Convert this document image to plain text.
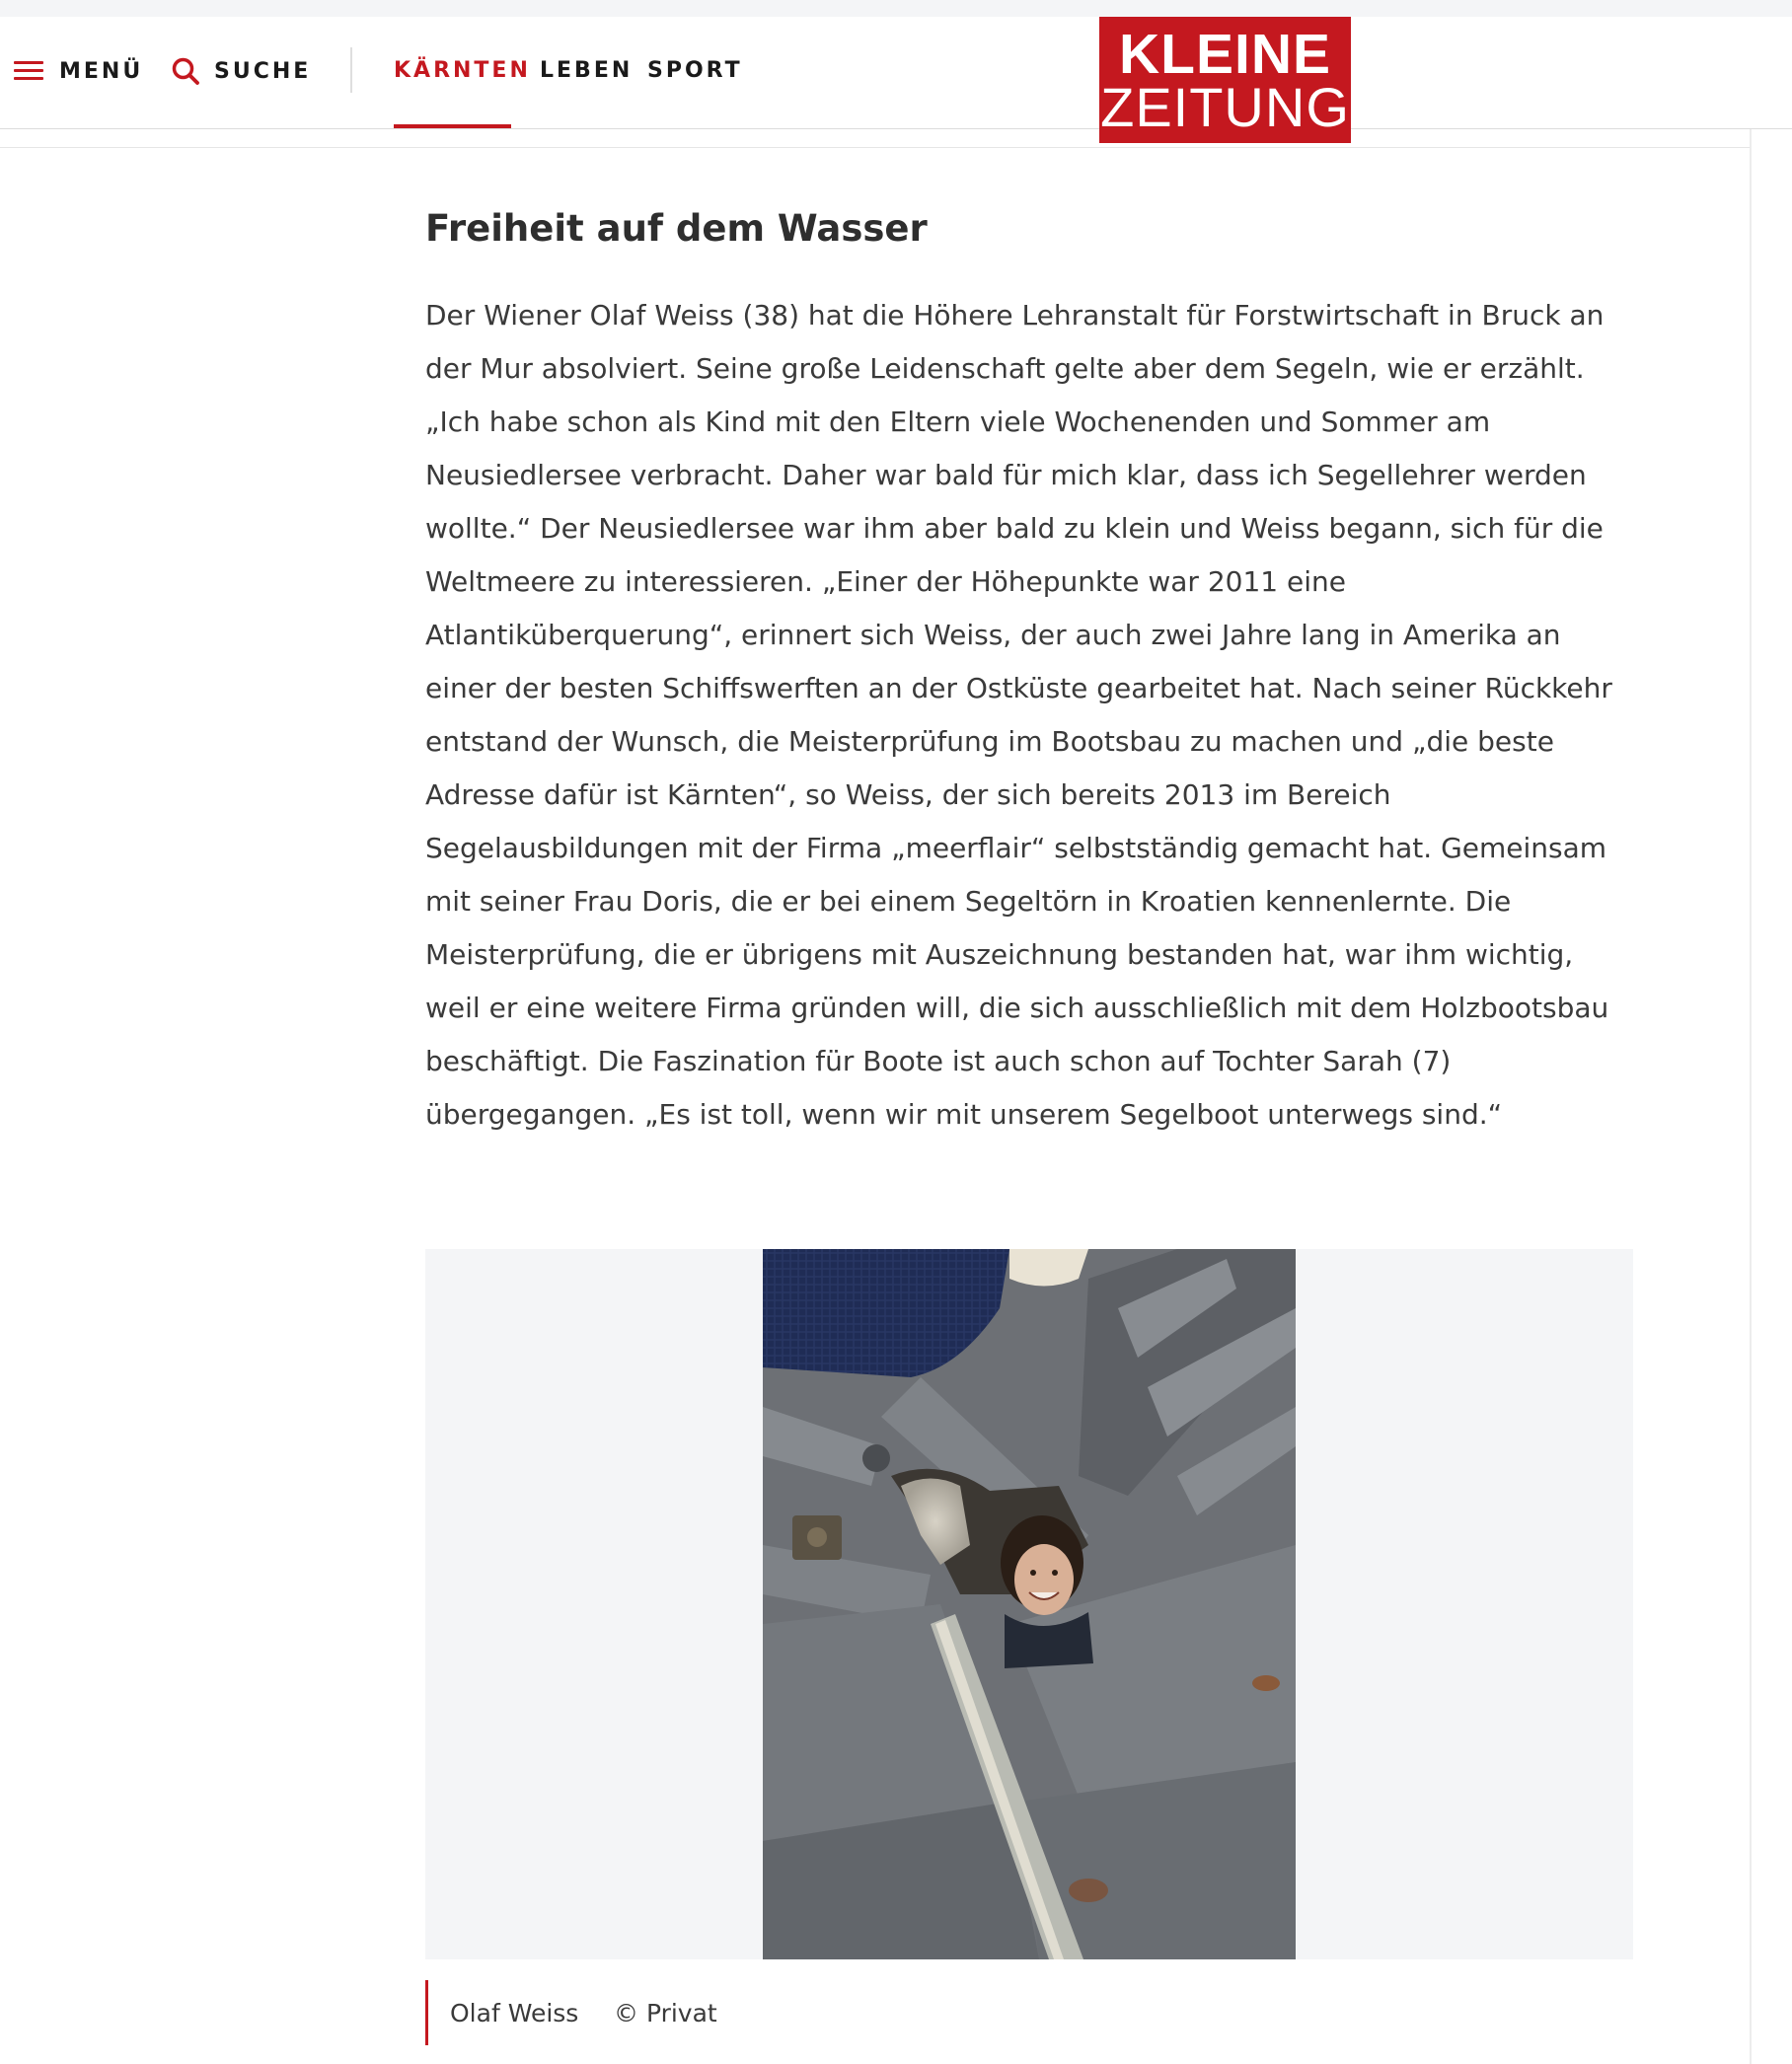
MENÜ	SUCHE	KÄRNTEN LEBEN SPORT	KLEINE
ZEITUNG
Freiheit auf dem Wasser

Der Wiener Olaf Weiss (38) hat die Höhere Lehranstalt für Forstwirtschaft in Bruck an der Mur absolviert. Seine große Leidenschaft gelte aber dem Segeln, wie er erzählt. „Ich habe schon als Kind mit den Eltern viele Wochenenden und Sommer am Neusiedlersee verbracht. Daher war bald für mich klar, dass ich Segellehrer werden wollte.“ Der Neusiedlersee war ihm aber bald zu klein und Weiss begann, sich für die Weltmeere zu interessieren. „Einer der Höhepunkte war 2011 eine Atlantiküberquerung“, erinnert sich Weiss, der auch zwei Jahre lang in Amerika an einer der besten Schiffswerften an der Ostküste gearbeitet hat. Nach seiner Rückkehr entstand der Wunsch, die Meisterprüfung im Bootsbau zu machen und „die beste Adresse dafür ist Kärnten“, so Weiss, der sich bereits 2013 im Bereich Segelausbildungen mit der Firma „meerflair“ selbstständig gemacht hat. Gemeinsam mit seiner Frau Doris, die er bei einem Segeltörn in Kroatien kennenlernte. Die Meisterprüfung, die er übrigens mit Auszeichnung bestanden hat, war ihm wichtig, weil er eine weitere Firma gründen will, die sich ausschließlich mit dem Holzbootsbau beschäftigt. Die Faszination für Boote ist auch schon auf Tochter Sarah (7) übergegangen. „Es ist toll, wenn wir mit unserem Segelboot unterwegs sind.“

Olaf Weiss © Privat
